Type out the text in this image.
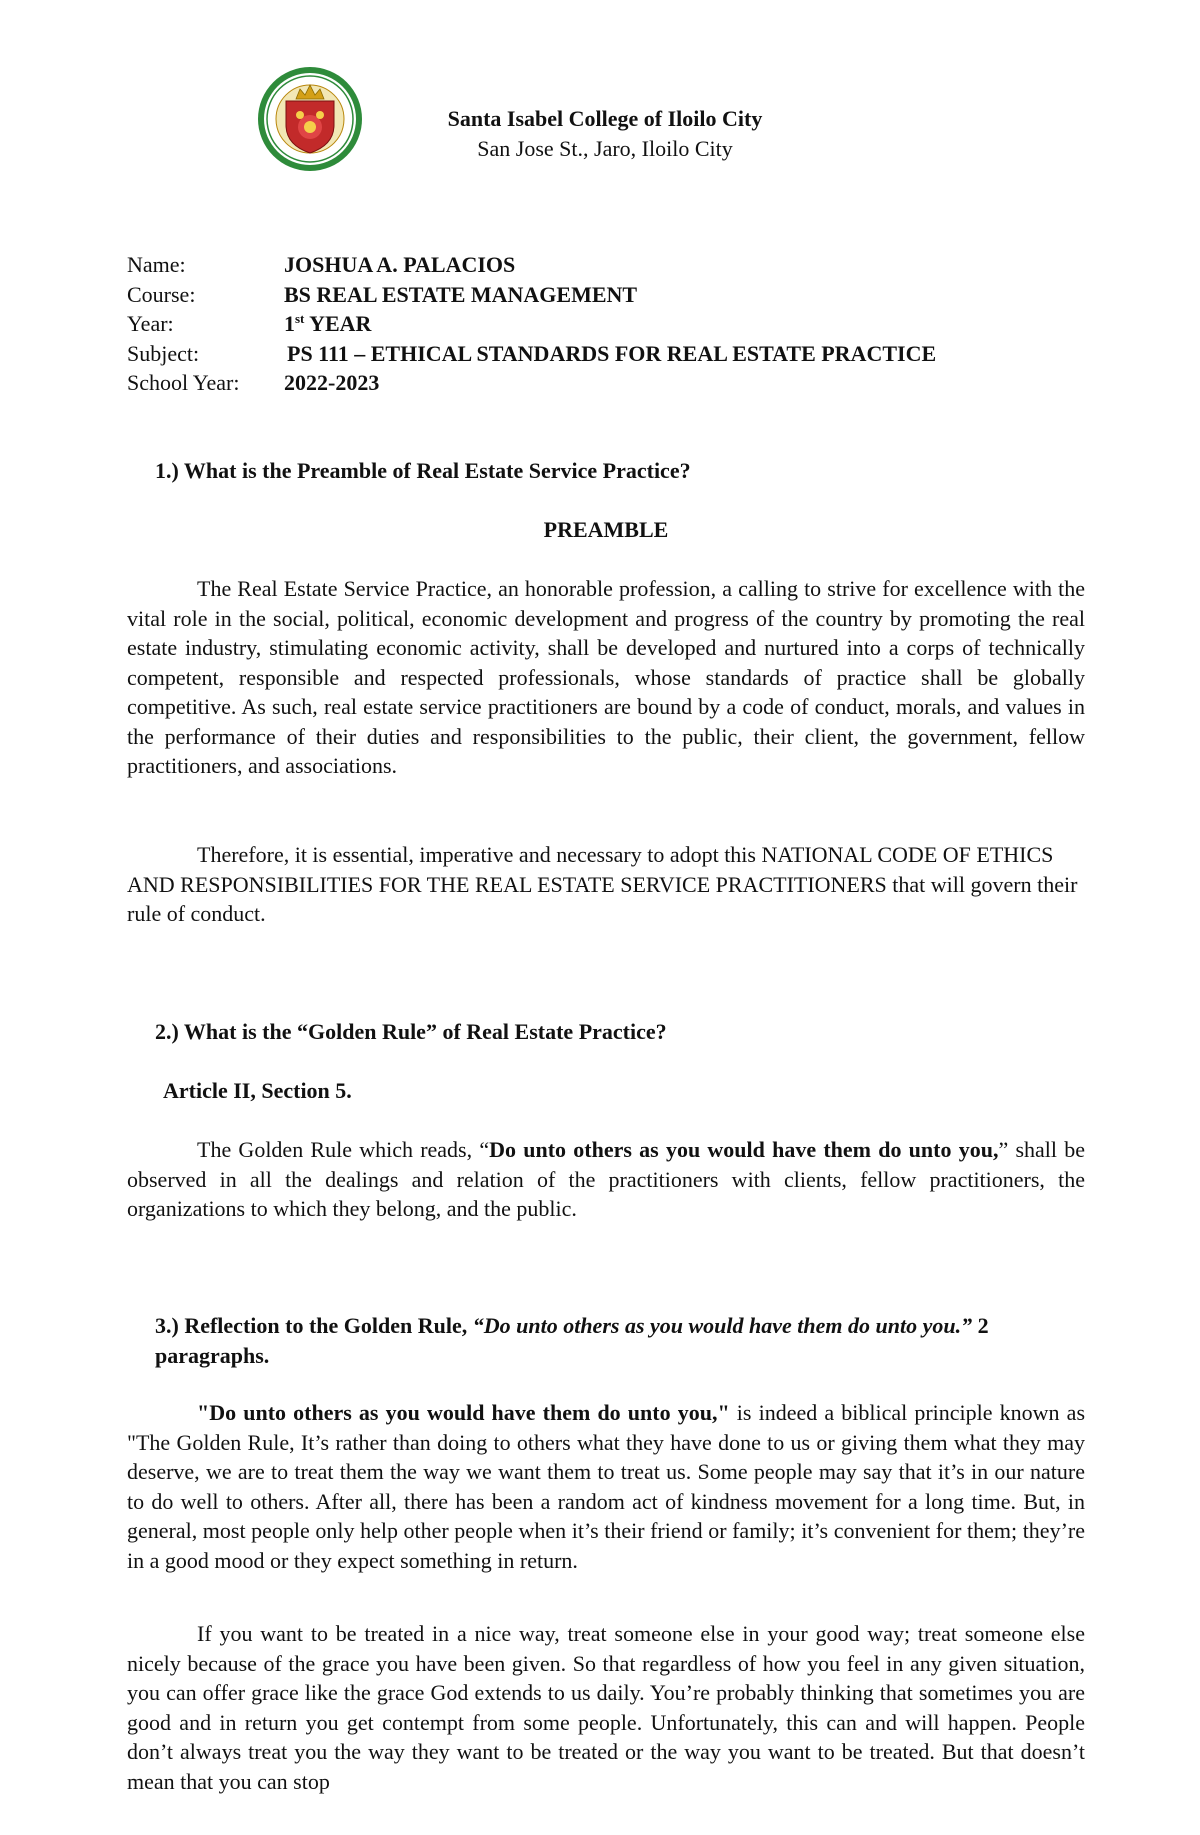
Santa Isabel College of Iloilo City
San Jose St., Jaro, Iloilo City
Name:	JOSHUA A. PALACIOS
Course:	BS REAL ESTATE MANAGEMENT
Year:	1st YEAR
Subject:	PS 111 – ETHICAL STANDARDS FOR REAL ESTATE PRACTICE
School Year: 2022-2023
1.) What is the Preamble of Real Estate Service Practice?
PREAMBLE

The Real Estate Service Practice, an honorable profession, a calling to strive for excellence with the vital role in the social, political, economic development and progress of the country by promoting the real estate industry, stimulating economic activity, shall be developed and nurtured into a corps of technically competent, responsible and respected professionals, whose standards of practice shall be globally competitive. As such, real estate service practitioners are bound by a code of conduct, morals, and values in the performance of their duties and responsibilities to the public, their client, the government, fellow practitioners, and associations.

Therefore, it is essential, imperative and necessary to adopt this NATIONAL CODE OF ETHICS AND RESPONSIBILITIES FOR THE REAL ESTATE SERVICE PRACTITIONERS that will govern their rule of conduct.

2.) What is the “Golden Rule” of Real Estate Practice?
Article II, Section 5.

The Golden Rule which reads, “Do unto others as you would have them do unto you,” shall be observed in all the dealings and relation of the practitioners with clients, fellow practitioners, the organizations to which they belong, and the public.

3.) Reflection to the Golden Rule, “Do unto others as you would have them do unto you.” 2 paragraphs.

"Do unto others as you would have them do unto you," is indeed a biblical principle known as "The Golden Rule, It’s rather than doing to others what they have done to us or giving them what they may deserve, we are to treat them the way we want them to treat us. Some people may say that it’s in our nature to do well to others. After all, there has been a random act of kindness movement for a long time. But, in general, most people only help other people when it’s their friend or family; it’s convenient for them; they’re in a good mood or they expect something in return.

If you want to be treated in a nice way, treat someone else in your good way; treat someone else nicely because of the grace you have been given. So that regardless of how you feel in any given situation, you can offer grace like the grace God extends to us daily. You’re probably thinking that sometimes you are good and in return you get contempt from some people. Unfortunately, this can and will happen. People don’t always treat you the way they want to be treated or the way you want to be treated. But that doesn’t mean that you can stop
